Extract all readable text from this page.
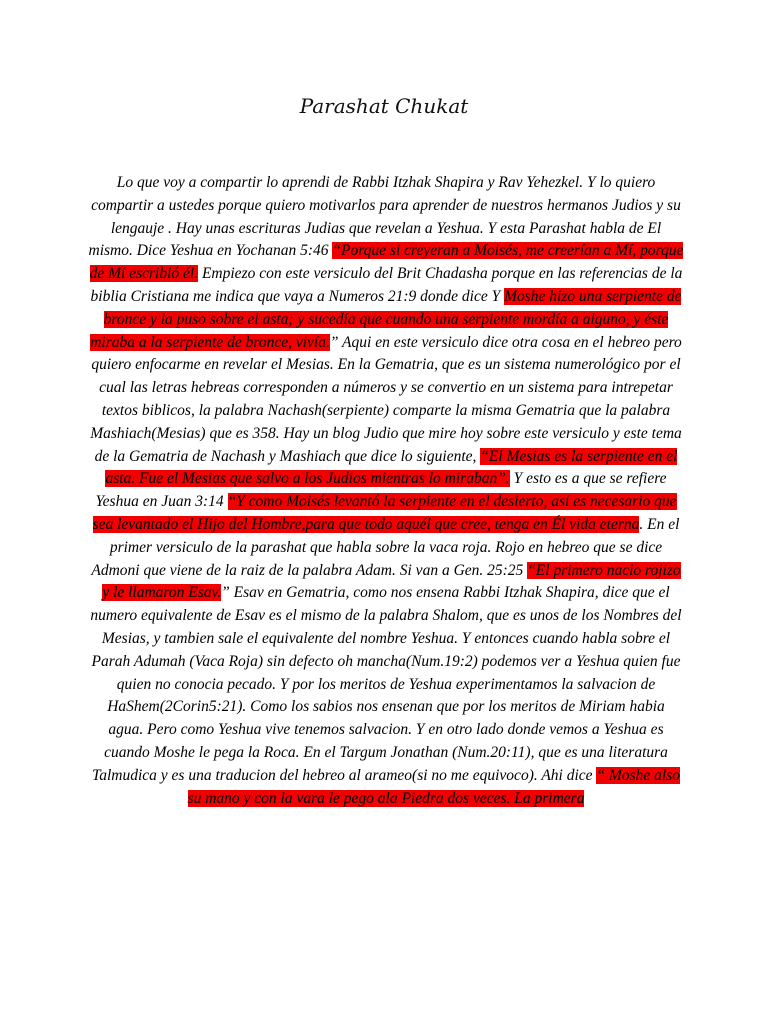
Parashat Chukat
Lo que voy a compartir lo aprendi de Rabbi Itzhak Shapira y Rav Yehezkel. Y lo quiero compartir a ustedes porque quiero motivarlos para aprender de nuestros hermanos Judios y su lengauje . Hay unas escrituras Judias que revelan a Yeshua. Y esta Parashat habla de El mismo. Dice Yeshua en Yochanan 5:46 “Porque si creyeran a Moisés, me creerían a Mí, porque de Mí escribió él. Empiezo con este versiculo del Brit Chadasha porque en las referencias de la biblia Cristiana me indica que vaya a Numeros 21:9 donde dice Y Moshe hizo una serpiente de bronce y la puso sobre el asta; y sucedía que cuando una serpiente mordía a alguno, y éste miraba a la serpiente de bronce, vivía.” Aqui en este versiculo dice otra cosa en el hebreo pero quiero enfocarme en revelar el Mesias. En la Gematria, que es un sistema numerológico por el cual las letras hebreas corresponden a números y se convertio en un sistema para intrepetar textos biblicos, la palabra Nachash(serpiente) comparte la misma Gematria que la palabra Mashiach(Mesias) que es 358. Hay un blog Judio que mire hoy sobre este versiculo y este tema de la Gematria de Nachash y Mashiach que dice lo siguiente, “El Mesias es la serpiente en el asta. Fue el Mesias que salvo a los Judios mientras lo miraban”. Y esto es a que se refiere Yeshua en Juan 3:14 “Y como Moisés levantó la serpiente en el desierto, así es necesario que sea levantado el Hijo del Hombre,para que todo aquél que cree, tenga en Él vida eterna. En el primer versiculo de la parashat que habla sobre la vaca roja. Rojo en hebreo que se dice Admoni que viene de la raiz de la palabra Adam. Si van a Gen. 25:25 “El primero nacio rojizo y le llamaron Esav.” Esav en Gematria, como nos ensena Rabbi Itzhak Shapira, dice que el numero equivalente de Esav es el mismo de la palabra Shalom, que es unos de los Nombres del Mesias, y tambien sale el equivalente del nombre Yeshua. Y entonces cuando habla sobre el Parah Adumah (Vaca Roja) sin defecto oh mancha(Num.19:2) podemos ver a Yeshua quien fue quien no conocia pecado. Y por los meritos de Yeshua experimentamos la salvacion de HaShem(2Corin5:21). Como los sabios nos ensenan que por los meritos de Miriam habia agua. Pero como Yeshua vive tenemos salvacion. Y en otro lado donde vemos a Yeshua es cuando Moshe le pega la Roca. En el Targum Jonathan (Num.20:11), que es una literatura Talmudica y es una traducion del hebreo al arameo(si no me equivoco). Ahi dice “ Moshe also su mano y con la vara le pego ala Piedra dos veces. La primera
